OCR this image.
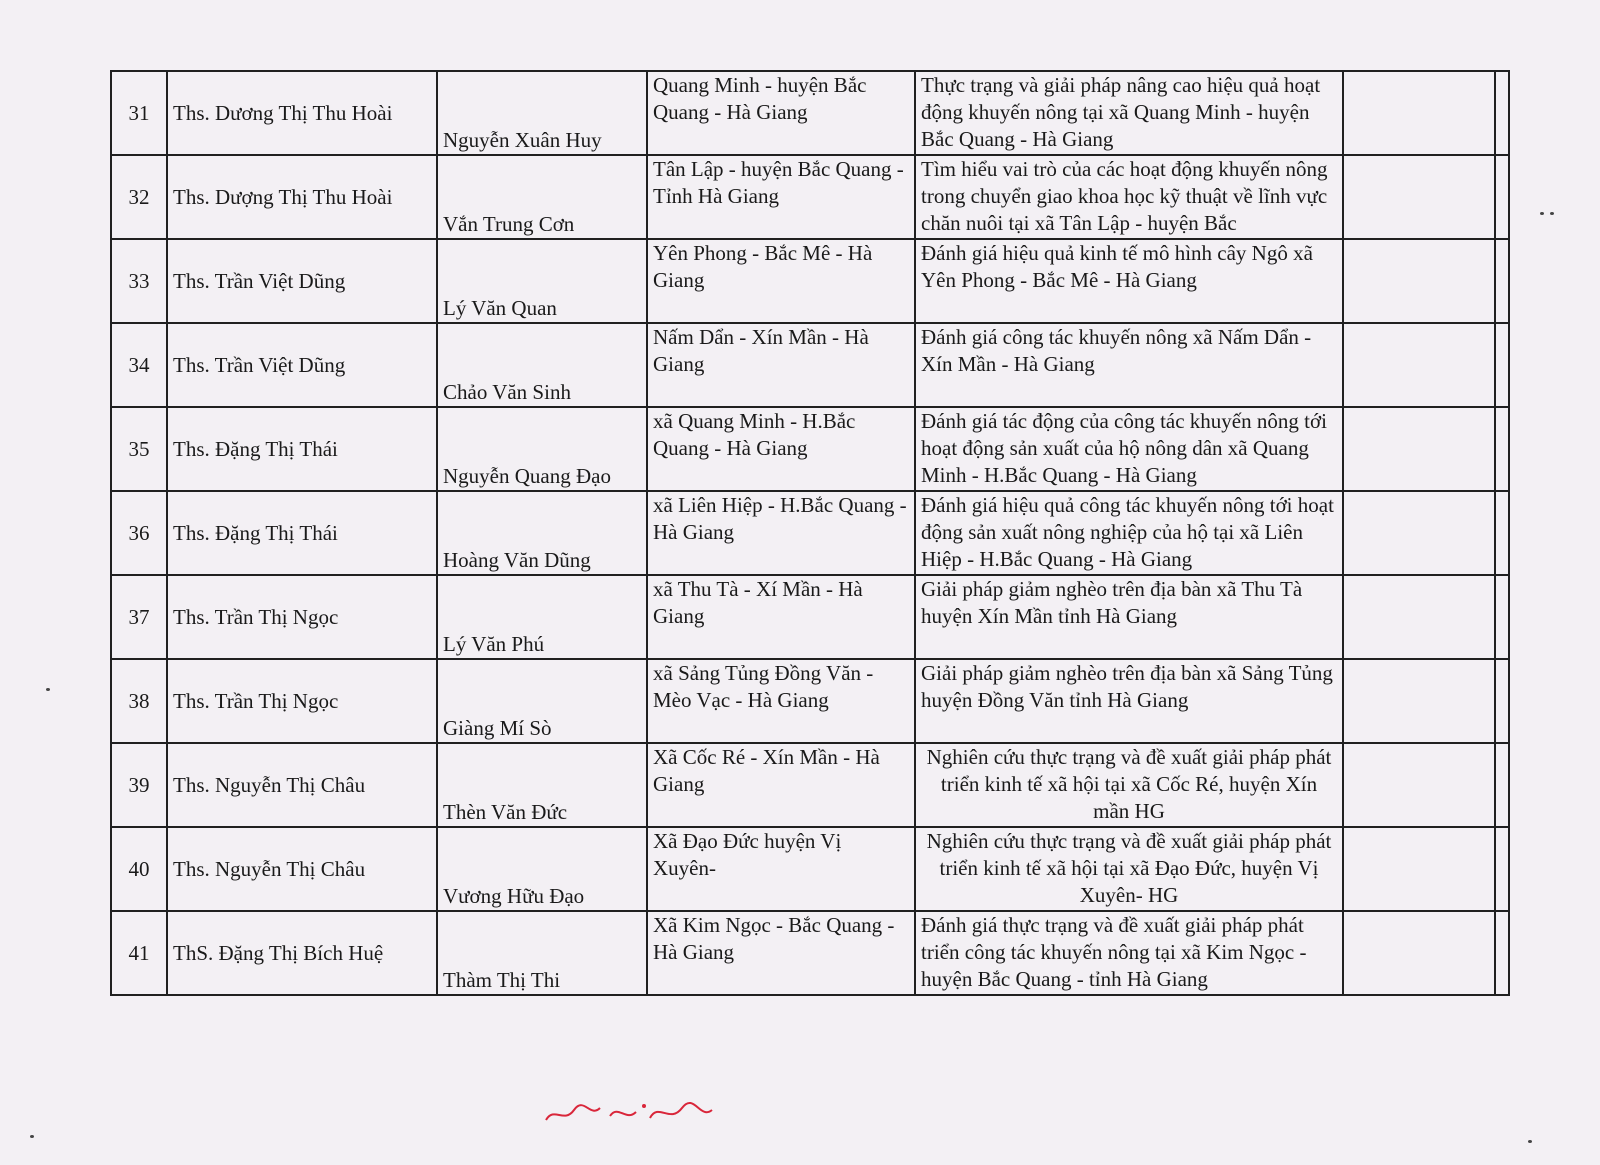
31	Ths. Dương Thị Thu Hoài	Nguyễn Xuân Huy	Quang Minh - huyện Bắc Quang - Hà Giang	Thực trạng và giải pháp nâng cao hiệu quả hoạt động khuyến nông tại xã Quang Minh - huyện Bắc Quang - Hà Giang		
32	Ths. Dượng Thị Thu Hoài	Vắn Trung Cơn	Tân Lập - huyện Bắc Quang - Tỉnh Hà Giang	Tìm hiểu vai trò của các hoạt động khuyến nông trong chuyển giao khoa học kỹ thuật về lĩnh vực chăn nuôi tại xã Tân Lập - huyện Bắc		
33	Ths. Trần Việt Dũng	Lý Văn Quan	Yên Phong - Bắc Mê - Hà Giang	Đánh giá hiệu quả kinh tế mô hình cây Ngô xã Yên Phong - Bắc Mê - Hà Giang		
34	Ths. Trần Việt Dũng	Chảo Văn Sinh	Nấm Dẩn - Xín Mần - Hà Giang	Đánh giá công tác khuyến nông xã Nấm Dẩn - Xín Mần - Hà Giang		
35	Ths. Đặng Thị Thái	Nguyễn Quang Đạo	xã Quang Minh - H.Bắc Quang - Hà Giang	Đánh giá tác động của công tác khuyến nông tới hoạt động sản xuất của hộ nông dân xã Quang Minh - H.Bắc Quang - Hà Giang		
36	Ths. Đặng Thị Thái	Hoàng Văn Dũng	xã Liên Hiệp - H.Bắc Quang - Hà Giang	Đánh giá hiệu quả công tác khuyến nông tới hoạt động sản xuất nông nghiệp của hộ tại xã Liên Hiệp - H.Bắc Quang - Hà Giang		
37	Ths. Trần Thị Ngọc	Lý Văn Phú	xã Thu Tà - Xí Mần - Hà Giang	Giải pháp giảm nghèo trên địa bàn xã Thu Tà huyện Xín Mần tỉnh Hà Giang		
38	Ths. Trần Thị Ngọc	Giàng Mí Sò	xã Sảng Tủng Đồng Văn - Mèo Vạc - Hà Giang	Giải pháp giảm nghèo trên địa bàn xã Sảng Tủng huyện Đồng Văn tỉnh Hà Giang		
39	Ths. Nguyễn Thị Châu	Thèn Văn Đức	Xã Cốc Ré - Xín Mần - Hà Giang	Nghiên cứu thực trạng và đề xuất giải pháp phát triển kinh tế xã hội tại xã Cốc Ré, huyện Xín mần HG		
40	Ths. Nguyễn Thị Châu	Vương Hữu Đạo	Xã Đạo Đức huyện Vị Xuyên-	Nghiên cứu thực trạng và đề xuất giải pháp phát triển kinh tế xã hội tại xã Đạo Đức, huyện Vị Xuyên- HG		
41	ThS. Đặng Thị Bích Huệ	Thàm Thị Thi	Xã Kim Ngọc - Bắc Quang - Hà Giang	Đánh giá thực trạng và đề xuất giải pháp phát triển công tác khuyến nông tại xã Kim Ngọc - huyện Bắc Quang - tỉnh Hà Giang		
